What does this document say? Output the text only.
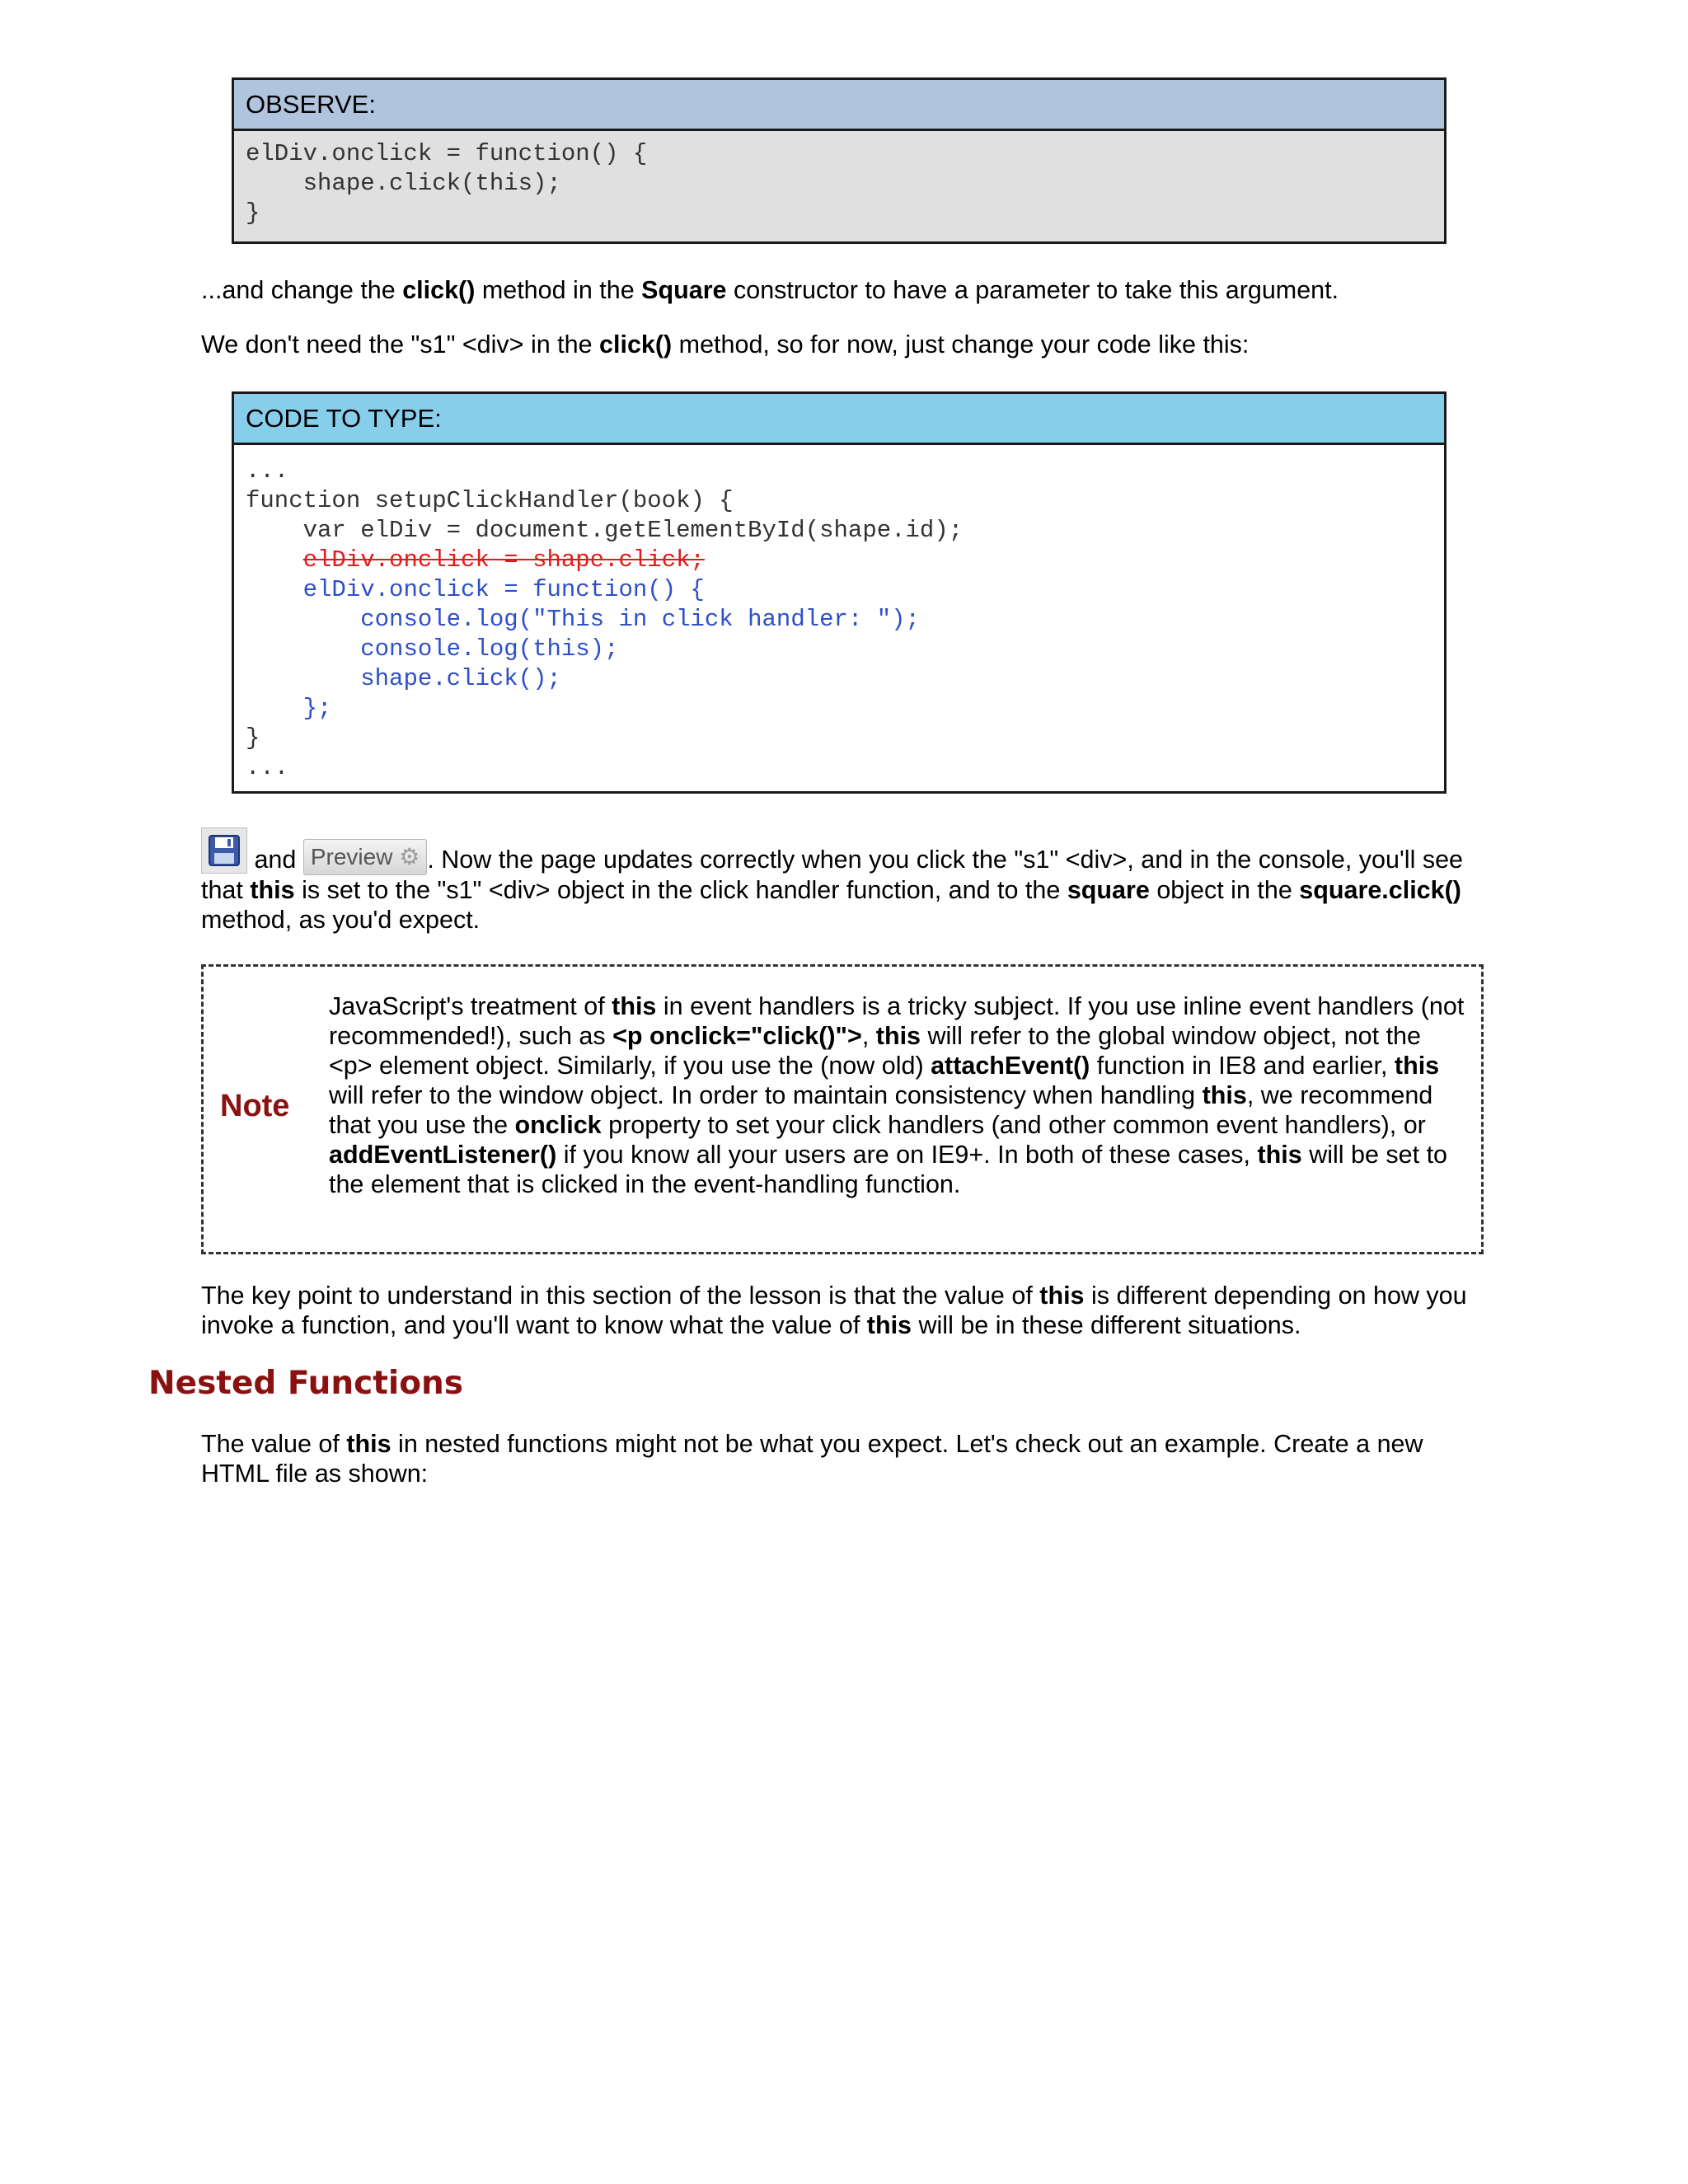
OBSERVE:
elDiv.onclick = function() {
shape.click(this);
}
...and change the click() method in the Square constructor to have a parameter to take this argument.
We don't need the "s1" <div> in the click() method, so for now, just change your code like this:
CODE TO TYPE:
...
function setupClickHandler(book) {
var elDiv = document.getElementById(shape.id);
elDiv.onclick = shape.click;
elDiv.onclick = function() {
console.log("This in click handler: ");
console.log(this);
shape.click();
};
}
...
and Preview ⚙ . Now the page updates correctly when you click the "s1" <div>, and in the console, you'll see that this is set to the "s1" <div> object in the click handler function, and to the square object in the square.click() method, as you'd expect.
Note
JavaScript's treatment of this in event handlers is a tricky subject. If you use inline event handlers (not recommended!), such as <p onclick="click()">, this will refer to the global window object, not the <p> element object. Similarly, if you use the (now old) attachEvent() function in IE8 and earlier, this will refer to the window object. In order to maintain consistency when handling this, we recommend that you use the onclick property to set your click handlers (and other common event handlers), or addEventListener() if you know all your users are on IE9+. In both of these cases, this will be set to the element that is clicked in the event-handling function.
The key point to understand in this section of the lesson is that the value of this is different depending on how you invoke a function, and you'll want to know what the value of this will be in these different situations.
Nested Functions
The value of this in nested functions might not be what you expect. Let's check out an example. Create a new HTML file as shown:
